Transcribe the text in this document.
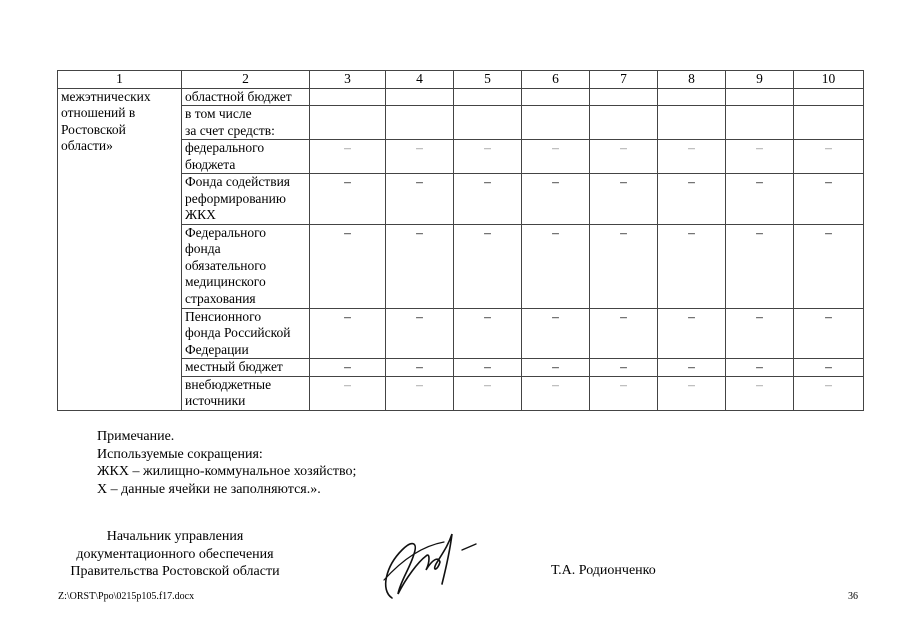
1	2	3	4	5	6	7	8	9	10

межэтнических
отношений в
Ростовской
области»	областной бюджет								

	в том числе
за счет средств:								

	федерального
бюджета	–	–	–	–	–	–	–	–

	Фонда содействия
реформированию
ЖКХ	–	–	–	–	–	–	–	–

	Федерального
фонда
обязательного
медицинского
страхования	–	–	–	–	–	–	–	–

	Пенсионного
фонда Российской
Федерации	–	–	–	–	–	–	–	–

	местный бюджет	–	–	–	–	–	–	–	–

	внебюджетные
источники	–	–	–	–	–	–	–	–
Примечание.
Используемые сокращения:
ЖКХ – жилищно-коммунальное хозяйство;
Х – данные ячейки не заполняются.».
Начальник управления
документационного обеспечения
Правительства Ростовской области	Т.А. Родионченко
Z:\ORST\Ppo\0215p105.f17.docx	36
